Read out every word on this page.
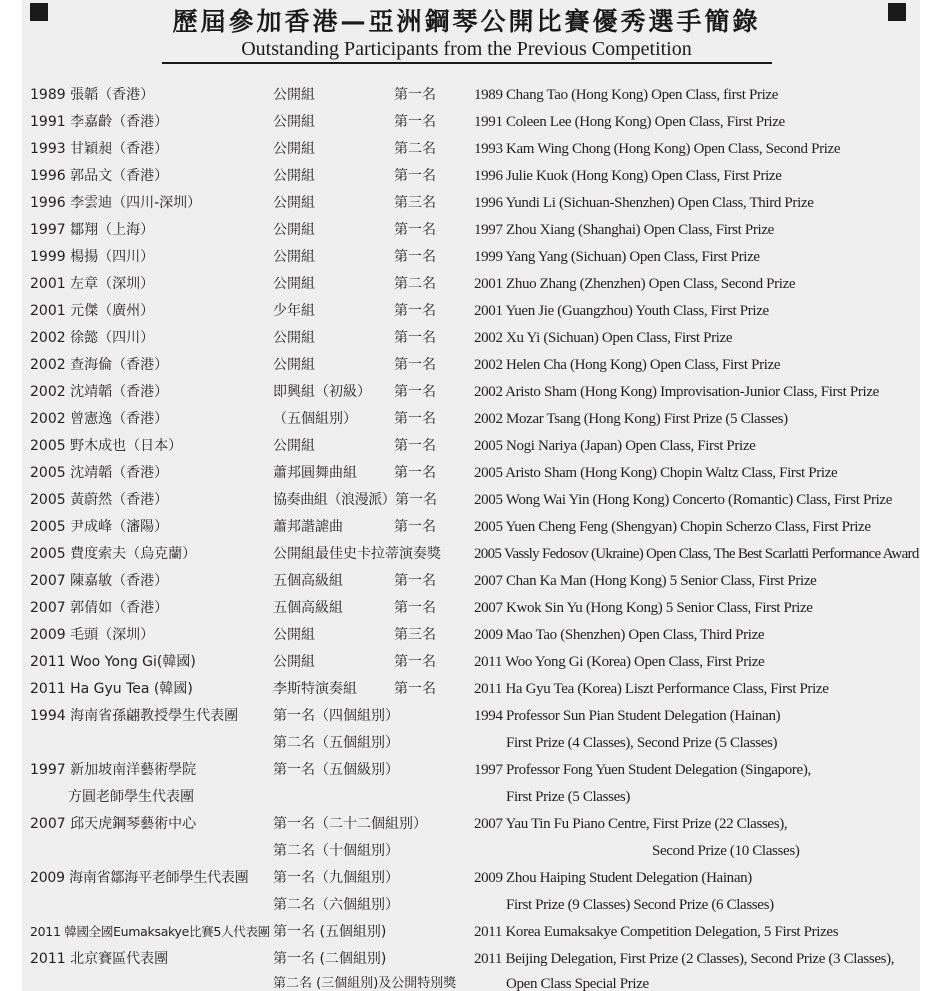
歷屆參加香港—亞洲鋼琴公開比賽優秀選手簡錄
Outstanding Participants from the Previous Competition
1989 張韜（香港）	公開組	第一名	1989 Chang Tao (Hong Kong) Open Class, first Prize
1991 李嘉齡（香港）	公開組	第一名	1991 Coleen Lee (Hong Kong) Open Class, First Prize
1993 甘穎昶（香港）	公開組	第二名	1993 Kam Wing Chong (Hong Kong) Open Class, Second Prize
1996 郭品文（香港）	公開組	第一名	1996 Julie Kuok (Hong Kong) Open Class, First Prize
1996 李雲迪（四川-深圳）	公開組	第三名	1996 Yundi Li (Sichuan-Shenzhen) Open Class, Third Prize
1997 鄒翔（上海）	公開組	第一名	1997 Zhou Xiang (Shanghai) Open Class, First Prize
1999 楊揚（四川）	公開組	第一名	1999 Yang Yang (Sichuan) Open Class, First Prize
2001 左章（深圳）	公開組	第二名	2001 Zhuo Zhang (Zhenzhen) Open Class, Second Prize
2001 元傑（廣州）	少年組	第一名	2001 Yuen Jie (Guangzhou) Youth Class, First Prize
2002 徐懿（四川）	公開組	第一名	2002 Xu Yi (Sichuan) Open Class, First Prize
2002 查海倫（香港）	公開組	第一名	2002 Helen Cha (Hong Kong) Open Class, First Prize
2002 沈靖韜（香港）	即興組（初級） 第一名	2002 Aristo Sham (Hong Kong) Improvisation-Junior Class, First Prize
2002 曾憲逸（香港）	（五個組別）	第一名	2002 Mozar Tsang (Hong Kong) First Prize (5 Classes)
2005 野木成也（日本）	公開組	第一名	2005 Nogi Nariya (Japan) Open Class, First Prize
2005 沈靖韜（香港）	蕭邦圓舞曲組	第一名	2005 Aristo Sham (Hong Kong) Chopin Waltz Class, First Prize
2005 黃蔚然（香港）	協奏曲組（浪漫派） 第一名 2005 Wong Wai Yin (Hong Kong) Concerto (Romantic) Class, First Prize
2005 尹成峰（瀋陽）	蕭邦諧謔曲	第一名	2005 Yuen Cheng Feng (Shengyan) Chopin Scherzo Class, First Prize
2005 費度索夫（烏克蘭）	公開組最佳史卡拉蒂演奏獎 2005 Vassly Fedosov (Ukraine) Open Class, The Best Scarlatti Performance Award
2007 陳嘉敏（香港）	五個高級組	第一名	2007 Chan Ka Man (Hong Kong) 5 Senior Class, First Prize
2007 郭倩如（香港）	五個高級組	第一名	2007 Kwok Sin Yu (Hong Kong) 5 Senior Class, First Prize
2009 毛頭（深圳）	公開組	第三名	2009 Mao Tao (Shenzhen) Open Class, Third Prize
2011 Woo Yong Gi(韓國)	公開組	第一名	2011 Woo Yong Gi (Korea) Open Class, First Prize
2011 Ha Gyu Tea (韓國)	李斯特演奏組	第一名	2011 Ha Gyu Tea (Korea) Liszt Performance Class, First Prize
1994 海南省孫翩教授學生代表團 第一名（四個組別）	1994 Professor Sun Pian Student Delegation (Hainan)
第二名（五個組別）	First Prize (4 Classes), Second Prize (5 Classes)
1997 新加坡南洋藝術學院	第一名（五個級別）	1997 Professor Fong Yuen Student Delegation (Singapore),
方圓老師學生代表團	First Prize (5 Classes)
2007 邱天虎鋼琴藝術中心	第一名（二十二個組別）	2007 Yau Tin Fu Piano Centre, First Prize (22 Classes),
第二名（十個組別）	Second Prize (10 Classes)
2009 海南省鄒海平老師學生代表團 第一名（九個組別）	2009 Zhou Haiping Student Delegation (Hainan)
第二名（六個組別）	First Prize (9 Classes) Second Prize (6 Classes)
2011 韓國全國Eumaksakye比賽5人代表團 第一名 (五個組別)	2011 Korea Eumaksakye Competition Delegation, 5 First Prizes
2011 北京賽區代表團	第一名 (二個組別)	2011 Beijing Delegation, First Prize (2 Classes), Second Prize (3 Classes),
第二名 (三個組別)及公開特別獎	Open Class Special Prize
